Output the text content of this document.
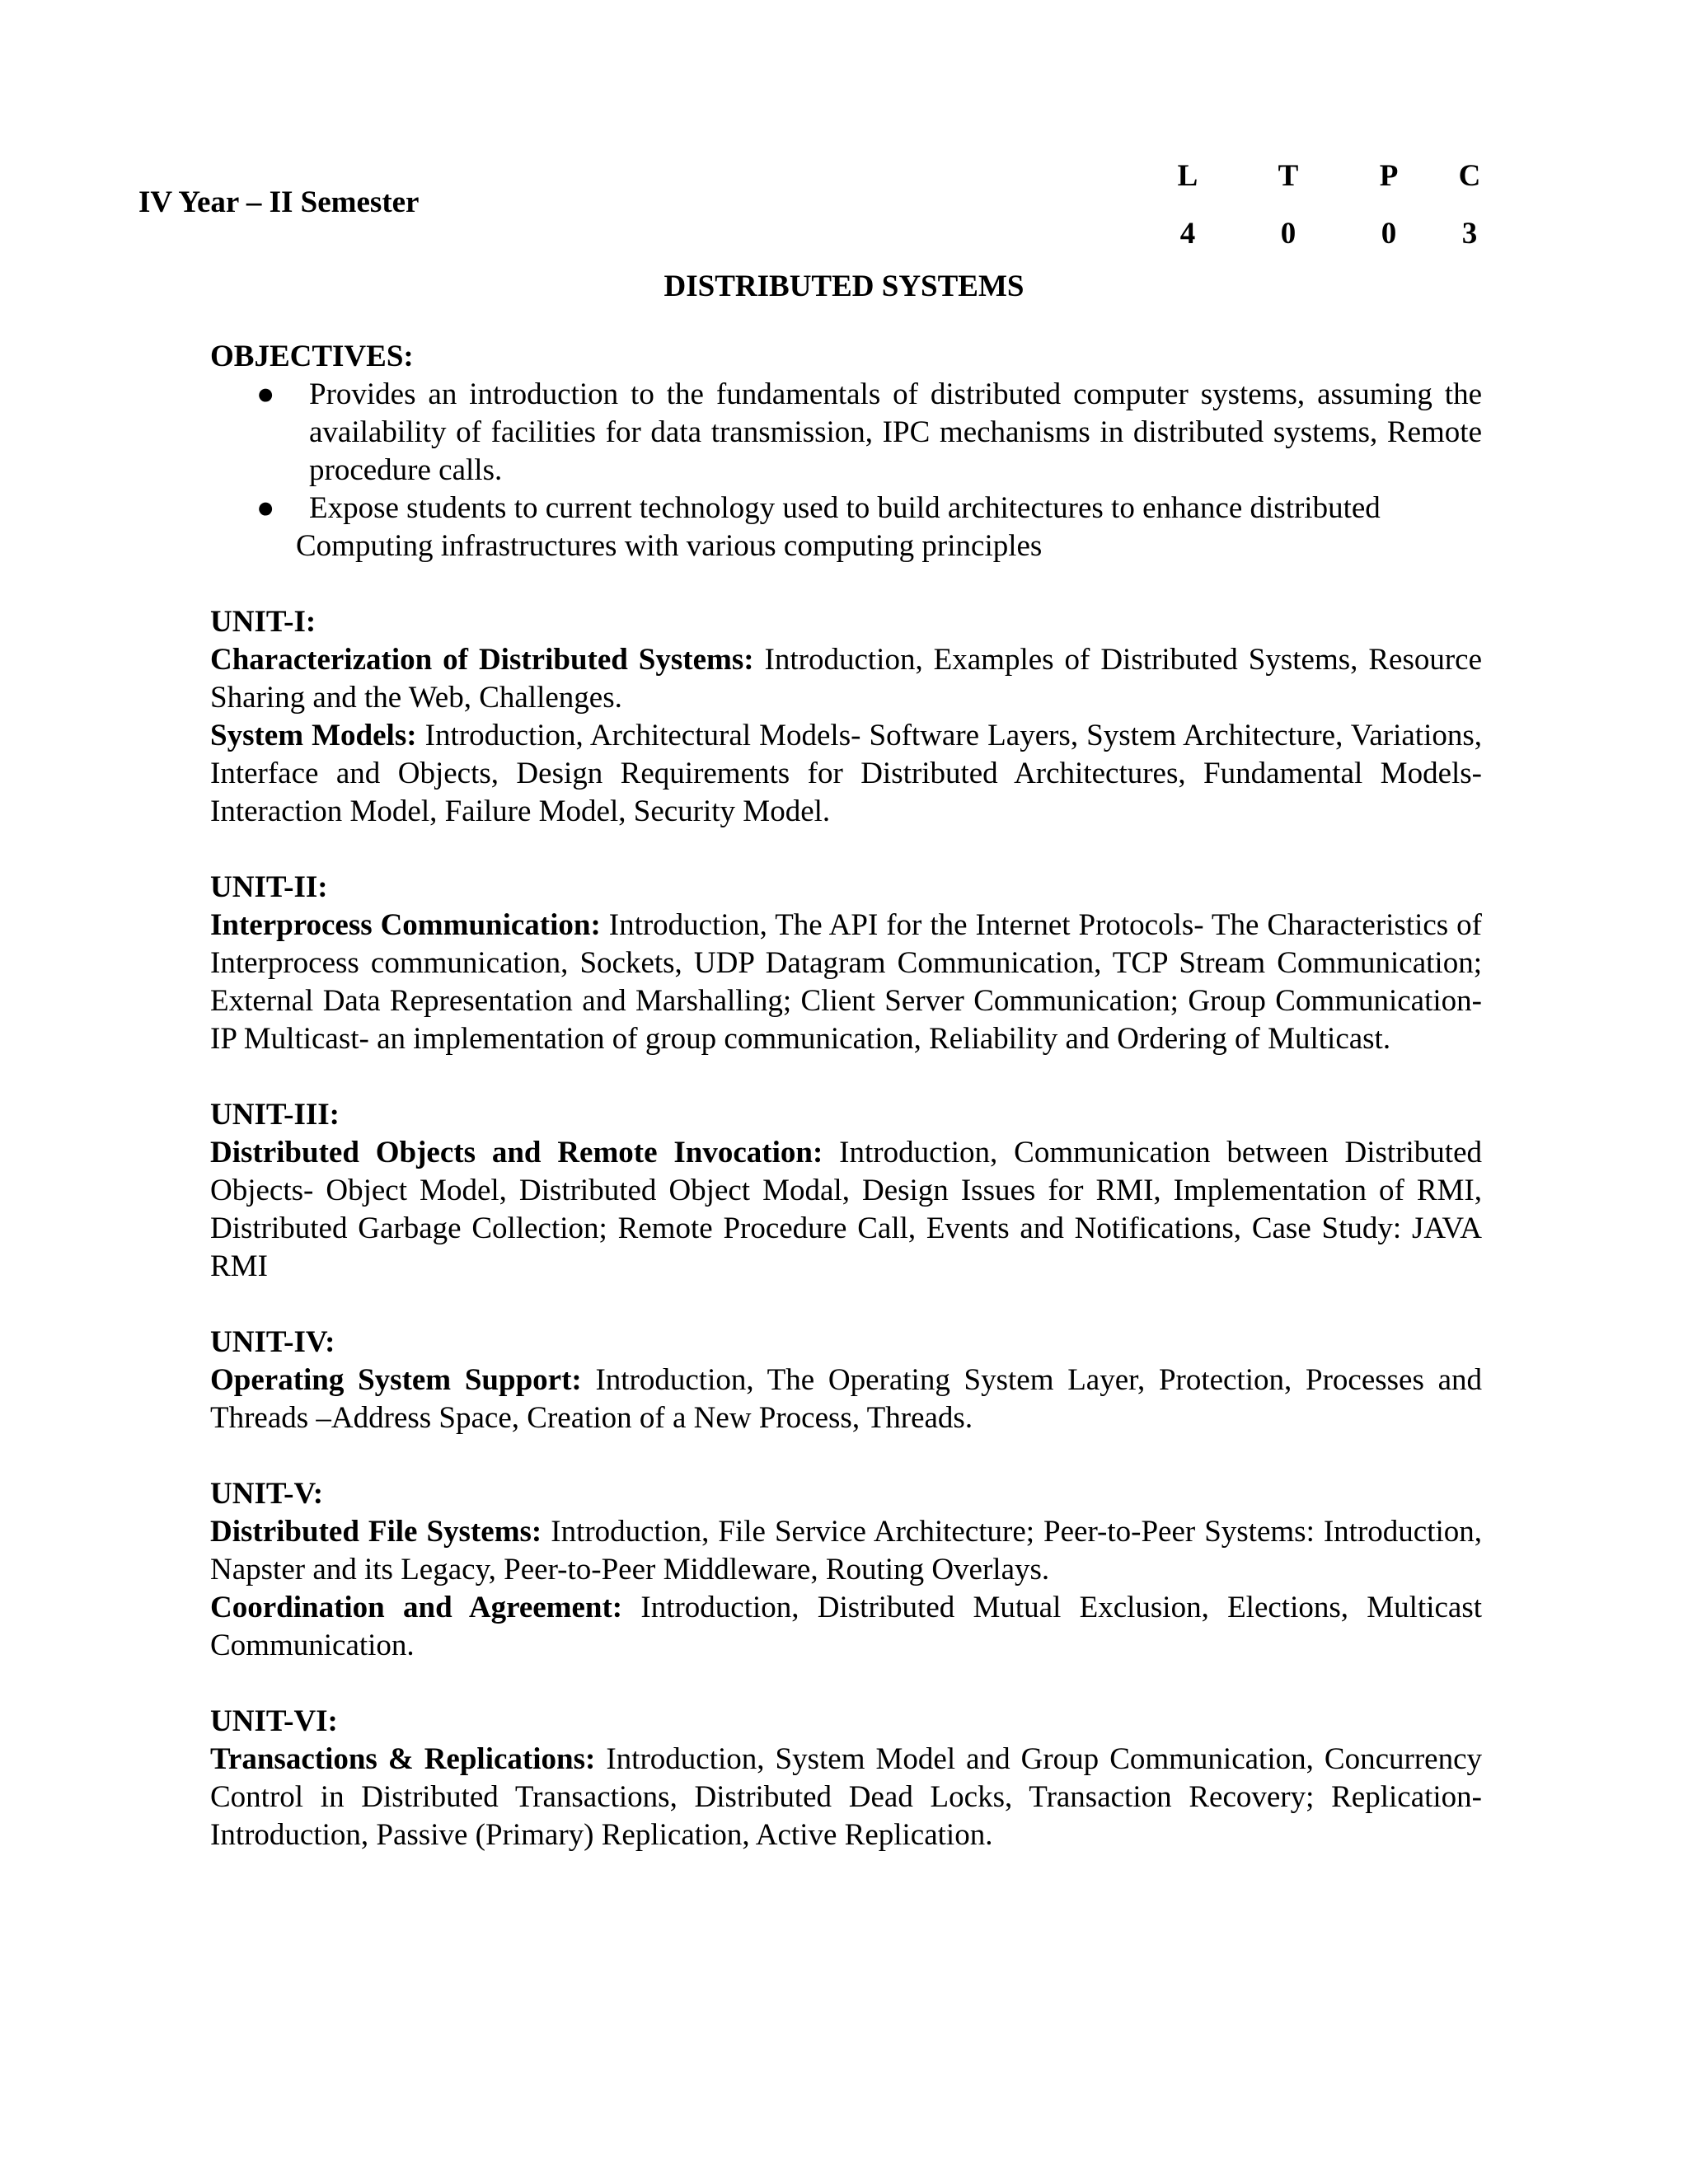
IV Year – II Semester
L	T	P	C
4	0	0	3
DISTRIBUTED SYSTEMS

OBJECTIVES:

● Provides an introduction to the fundamentals of distributed computer systems, assuming the availability of facilities for data transmission, IPC mechanisms in distributed systems, Remote procedure calls.
● Expose students to current technology used to build architectures to enhance distributed
Computing infrastructures with various computing principles

UNIT-I:

Characterization of Distributed Systems: Introduction, Examples of Distributed Systems, Resource Sharing and the Web, Challenges.

System Models: Introduction, Architectural Models- Software Layers, System Architecture, Variations, Interface and Objects, Design Requirements for Distributed Architectures, Fundamental Models- Interaction Model, Failure Model, Security Model.

UNIT-II:

Interprocess Communication: Introduction, The API for the Internet Protocols- The Characteristics of Interprocess communication, Sockets, UDP Datagram Communication, TCP Stream Communication; External Data Representation and Marshalling; Client Server Communication; Group Communication- IP Multicast- an implementation of group communication, Reliability and Ordering of Multicast.

UNIT-III:

Distributed Objects and Remote Invocation: Introduction, Communication between Distributed Objects- Object Model, Distributed Object Modal, Design Issues for RMI, Implementation of RMI, Distributed Garbage Collection; Remote Procedure Call, Events and Notifications, Case Study: JAVA RMI

UNIT-IV:

Operating System Support: Introduction, The Operating System Layer, Protection, Processes and Threads –Address Space, Creation of a New Process, Threads.

UNIT-V:

Distributed File Systems: Introduction, File Service Architecture; Peer-to-Peer Systems: Introduction, Napster and its Legacy, Peer-to-Peer Middleware, Routing Overlays.

Coordination and Agreement: Introduction, Distributed Mutual Exclusion, Elections, Multicast Communication.

UNIT-VI:

Transactions & Replications: Introduction, System Model and Group Communication, Concurrency Control in Distributed Transactions, Distributed Dead Locks, Transaction Recovery; Replication-Introduction, Passive (Primary) Replication, Active Replication.
